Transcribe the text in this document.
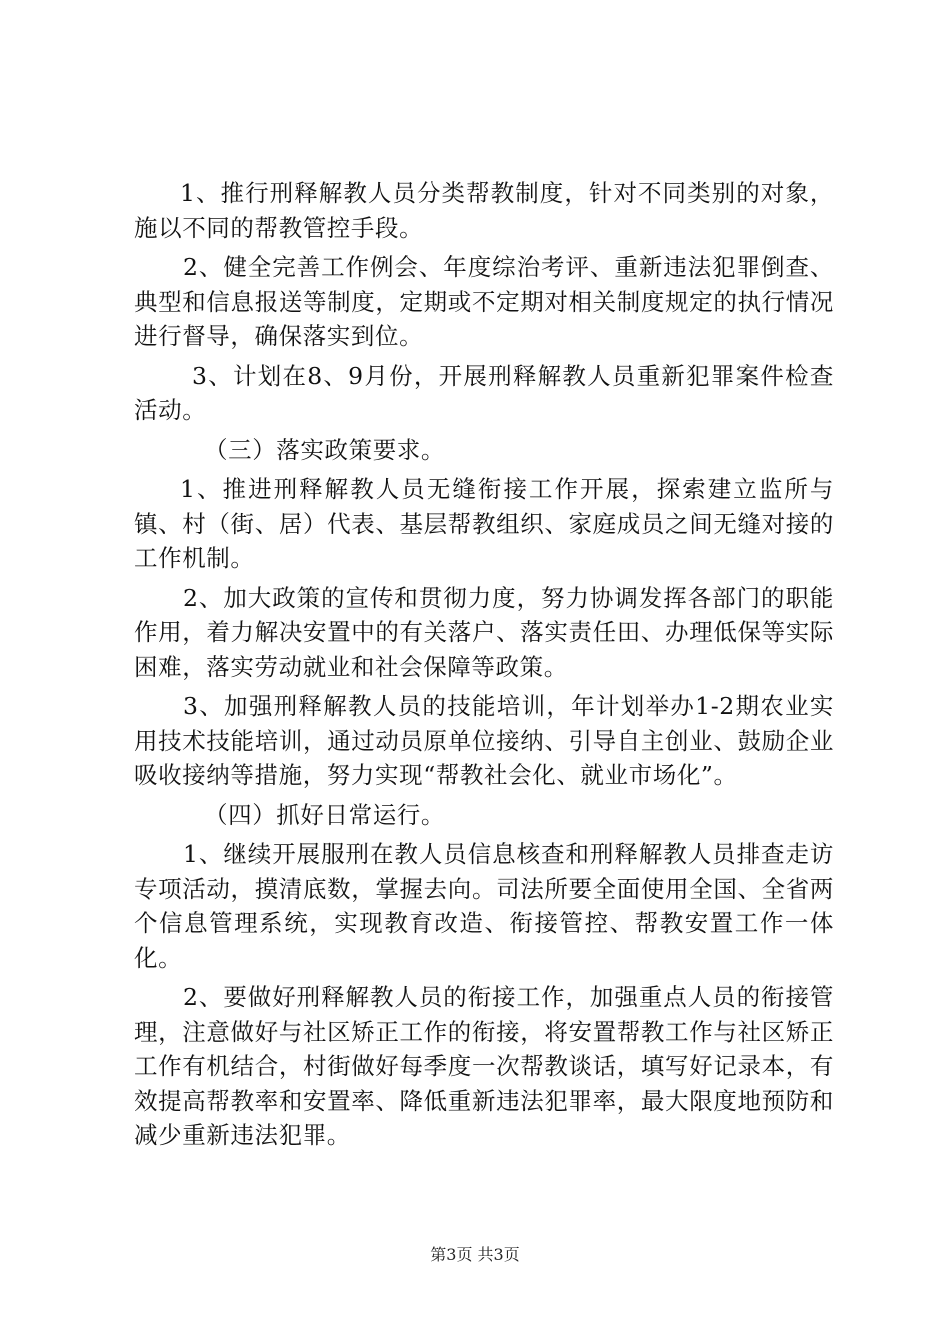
1、推行刑释解教人员分类帮教制度，针对不同类别的对象，施以不同的帮教管控手段。

2、健全完善工作例会、年度综治考评、重新违法犯罪倒查、典型和信息报送等制度，定期或不定期对相关制度规定的执行情况进行督导，确保落实到位。

3、计划在8、9月份，开展刑释解教人员重新犯罪案件检查活动。

（三）落实政策要求。

1、推进刑释解教人员无缝衔接工作开展，探索建立监所与镇、村（街、居）代表、基层帮教组织、家庭成员之间无缝对接的工作机制。

2、加大政策的宣传和贯彻力度，努力协调发挥各部门的职能作用，着力解决安置中的有关落户、落实责任田、办理低保等实际困难，落实劳动就业和社会保障等政策。

3、加强刑释解教人员的技能培训，年计划举办1-2期农业实用技术技能培训，通过动员原单位接纳、引导自主创业、鼓励企业吸收接纳等措施，努力实现“帮教社会化、就业市场化”。

（四）抓好日常运行。

1、继续开展服刑在教人员信息核查和刑释解教人员排查走访专项活动，摸清底数，掌握去向。司法所要全面使用全国、全省两个信息管理系统，实现教育改造、衔接管控、帮教安置工作一体化。

2、要做好刑释解教人员的衔接工作，加强重点人员的衔接管理，注意做好与社区矫正工作的衔接，将安置帮教工作与社区矫正工作有机结合，村街做好每季度一次帮教谈话，填写好记录本，有效提高帮教率和安置率、降低重新违法犯罪率，最大限度地预防和减少重新违法犯罪。

第3页 共3页
